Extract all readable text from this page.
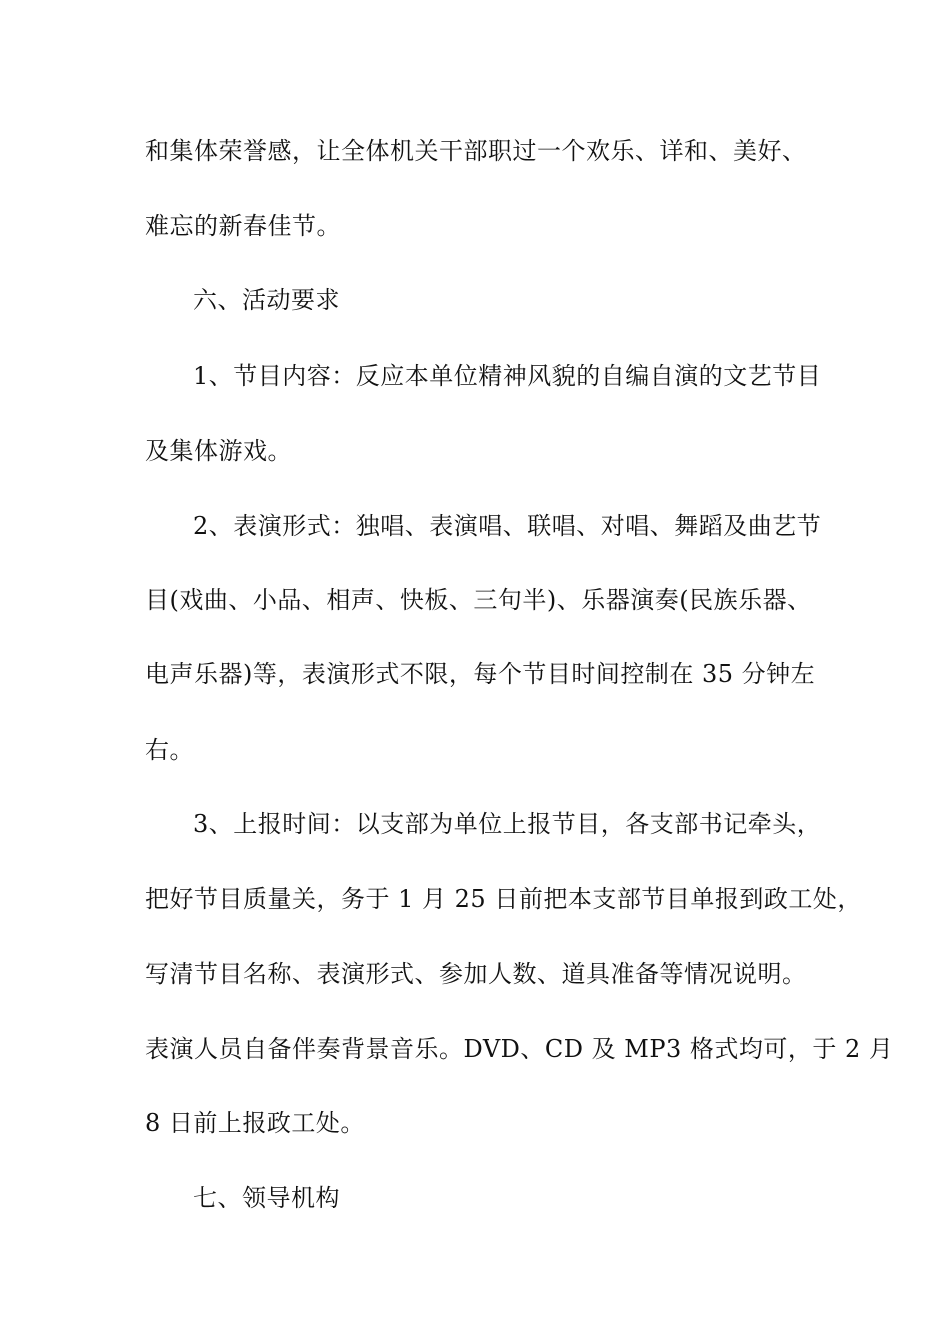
和集体荣誉感，让全体机关干部职过一个欢乐、详和、美好、
难忘的新春佳节。
六、活动要求
1、节目内容：反应本单位精神风貌的自编自演的文艺节目
及集体游戏。
2、表演形式：独唱、表演唱、联唱、对唱、舞蹈及曲艺节
目(戏曲、小品、相声、快板、三句半)、乐器演奏(民族乐器、
电声乐器)等，表演形式不限，每个节目时间控制在 35 分钟左
右。
3、上报时间：以支部为单位上报节目，各支部书记牵头，
把好节目质量关，务于 1 月 25 日前把本支部节目单报到政工处，
写清节目名称、表演形式、参加人数、道具准备等情况说明。
表演人员自备伴奏背景音乐。DVD、CD 及 MP3 格式均可，于 2 月
8 日前上报政工处。
七、领导机构
